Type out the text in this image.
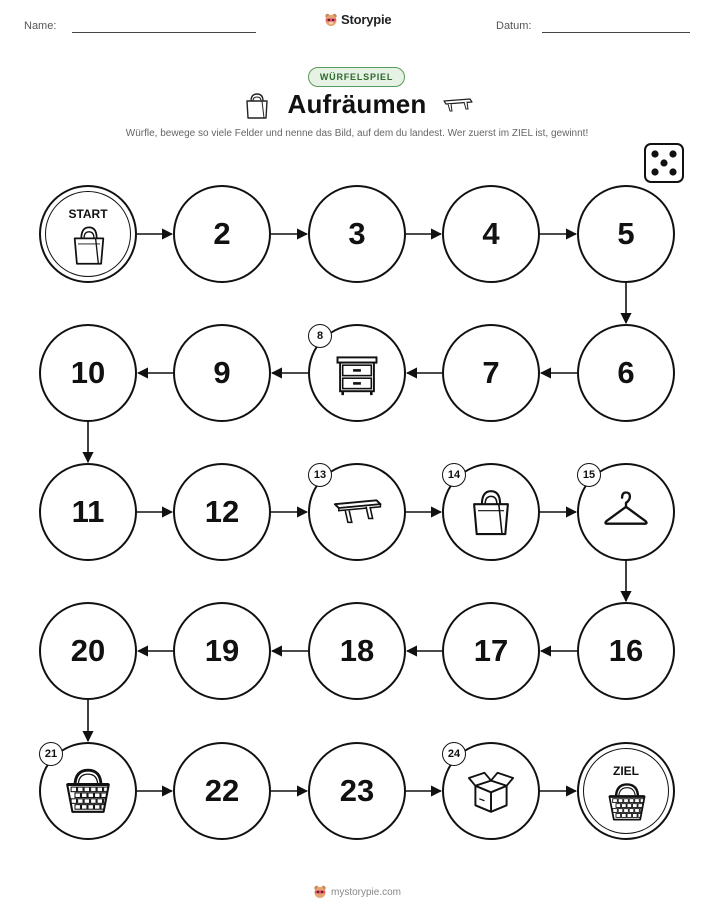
Name:	Storypie	Datum:
WÜRFELSPIEL
Aufräumen
Würfle, bewege so viele Felder und nenne das Bild, auf dem du landest. Wer zuerst im ZIEL ist, gewinnt!
START
2	3	4	5
6
7
8
9
10
11	12
13	14	15
16
17
18
19
20
21
22	23
24
ZIEL
mystorypie.com
